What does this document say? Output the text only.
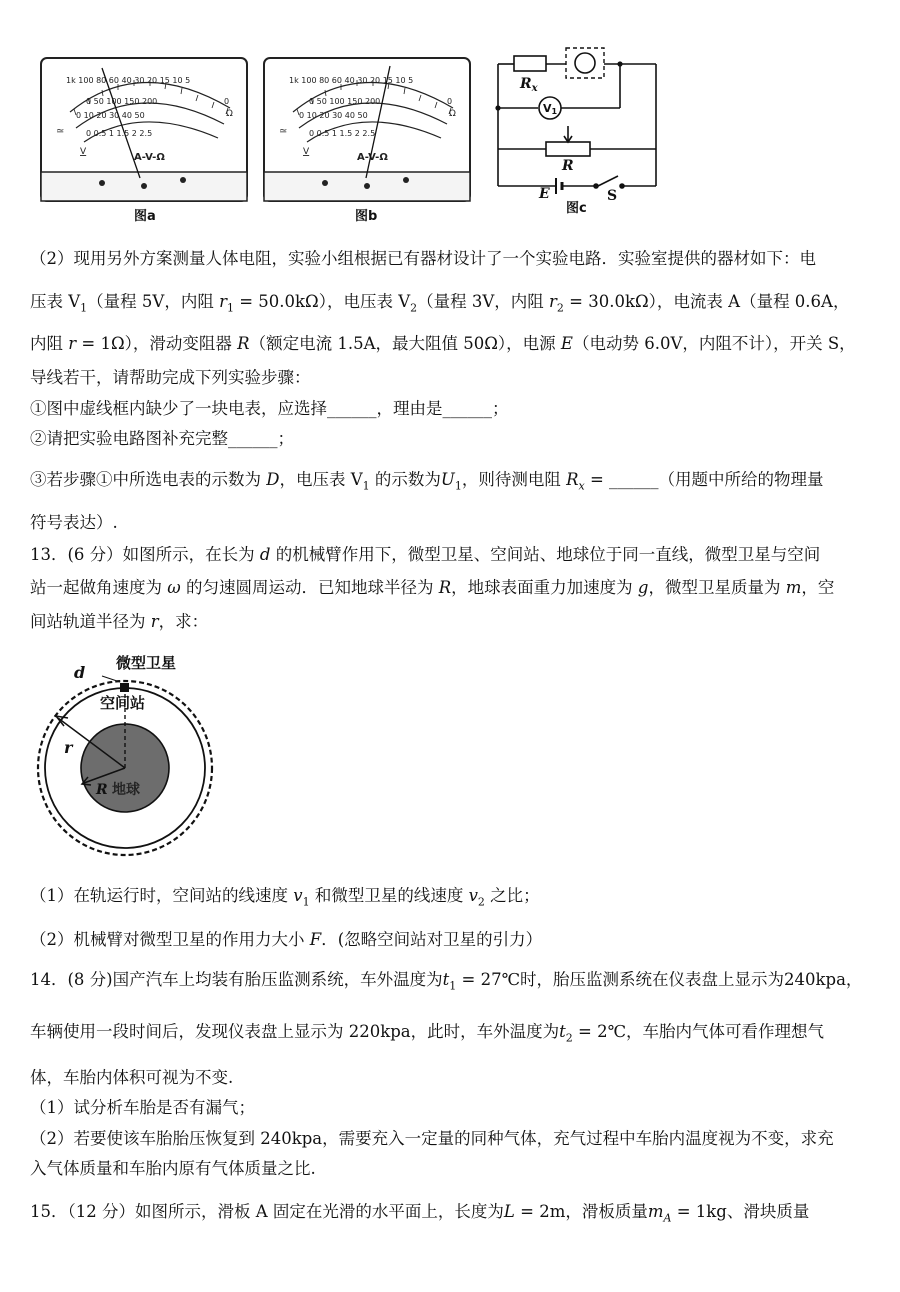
1k 100 80 60 40 30 20 15 10 5
0
Ω
0 50 100 150 200
0 10 20 30 40 50
0 0.5 1 1.5 2 2.5
≃
V	A-V-Ω
图a
1k 100 80 60 40 30 20 15 10 5
0
Ω
0 50 100 150 200
0 10 20 30 40 50
0 0.5 1 1.5 2 2.5
≃
V	A-V-Ω
图b
$R_x$
V1
R
E	S
图c
（2）现用另外方案测量人体电阻，实验小组根据已有器材设计了一个实验电路．实验室提供的器材如下：电
压表 $V_1$（量程 5V，内阻 $r_1 = 50.0k\Omega$），电压表 $V_2$（量程 3V，内阻 $r_2 = 30.0k\Omega$），电流表 A（量程 0.6A，
内阻 r = 1Ω），滑动变阻器 R（额定电流 1.5A，最大阻值 50Ω），电源 E（电动势 6.0V，内阻不计），开关 S，
导线若干，请帮助完成下列实验步骤：
①图中虚线框内缺少了一块电表，应选择______，理由是______；
②请把实验电路图补充完整______；
③若步骤①中所选电表的示数为 D，电压表 $V_1$ 的示数为$U_1$，则待测电阻 $R_x$ = ______（用题中所给的物理量
符号表达）.
13．(6 分）如图所示，在长为 d 的机械臂作用下，微型卫星、空间站、地球位于同一直线，微型卫星与空间
站一起做角速度为 ω 的匀速圆周运动．已知地球半径为 R，地球表面重力加速度为 g，微型卫星质量为 m，空
间站轨道半径为 r，求：
d 微型卫星
空间站
r
R 地球
（1）在轨运行时，空间站的线速度 $v_1$ 和微型卫星的线速度 $v_2$ 之比；
（2）机械臂对微型卫星的作用力大小 F．(忽略空间站对卫星的引力）
14．(8 分)国产汽车上均装有胎压监测系统，车外温度为$t_1$ = 27℃时，胎压监测系统在仪表盘上显示为240kpa，
车辆使用一段时间后，发现仪表盘上显示为 220kpa，此时，车外温度为$t_2$ = 2℃，车胎内气体可看作理想气
体，车胎内体积可视为不变.
（1）试分析车胎是否有漏气；
（2）若要使该车胎胎压恢复到 240kpa，需要充入一定量的同种气体，充气过程中车胎内温度视为不变，求充
入气体质量和车胎内原有气体质量之比.
15．（12 分）如图所示，滑板 A 固定在光滑的水平面上，长度为L = 2m，滑板质量$m_A = 1kg$、滑块质量
